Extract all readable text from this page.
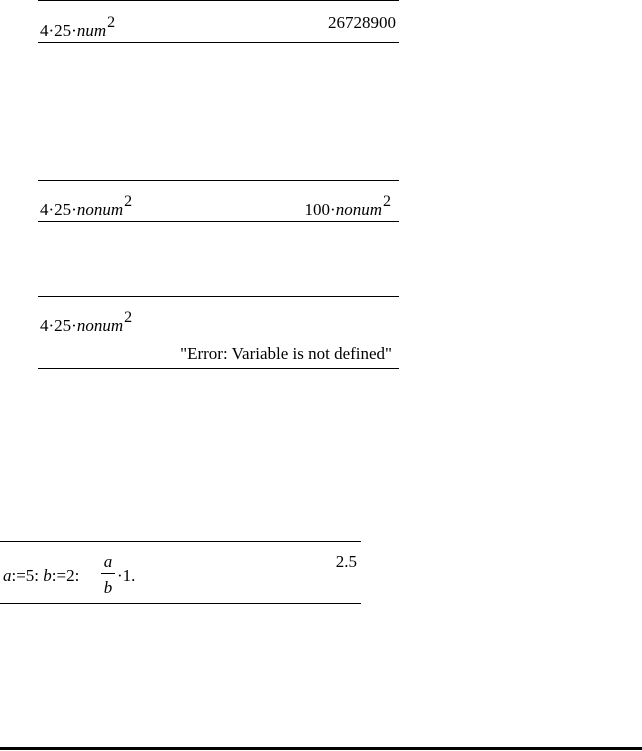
4·25·num2	26728900
4·25·nonum2	100·nonum2
4·25·nonum2
"Error: Variable is not defined"
a:=5: b:=2:
a
b
·1.
2.5
